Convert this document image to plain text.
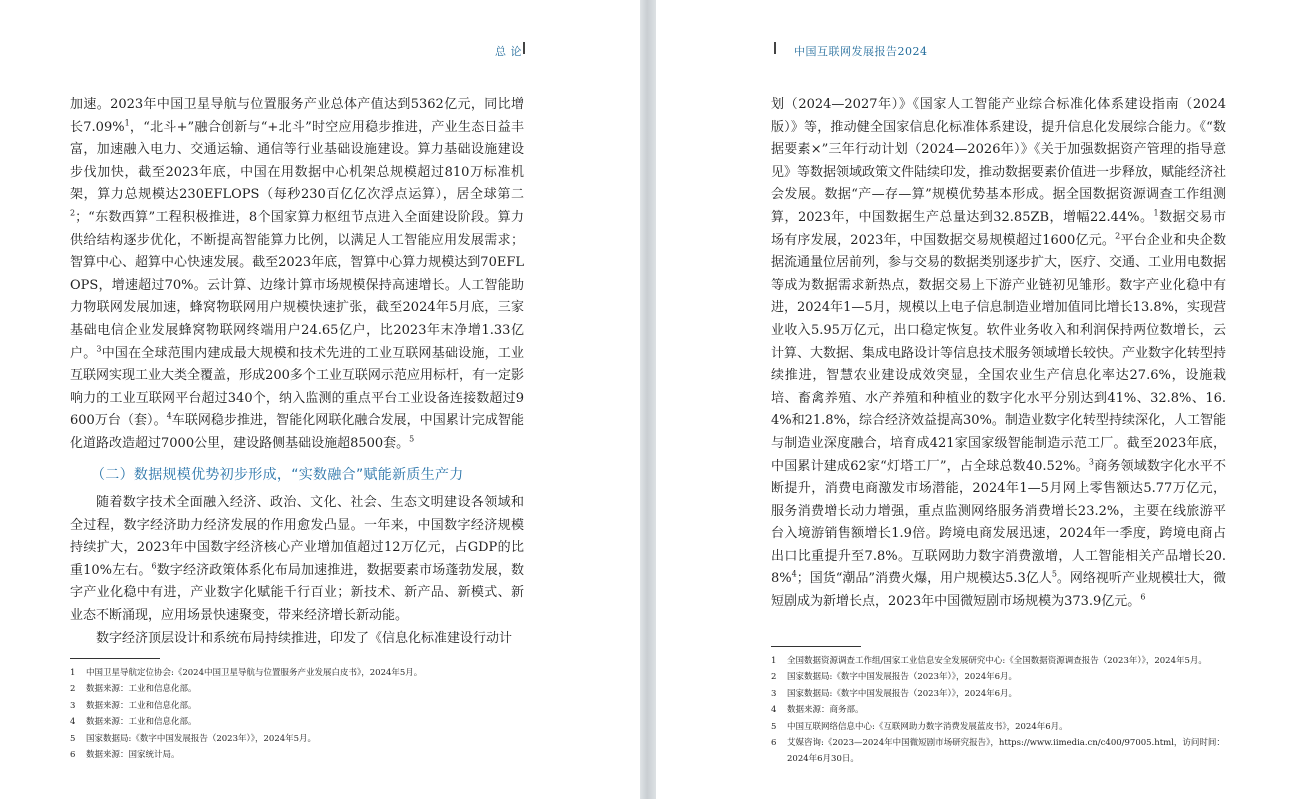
总 论

加速。2023年中国卫星导航与位置服务产业总体产值达到5362亿元，同比增长7.09%$^1$，“北斗+”融合创新与“+北斗”时空应用稳步推进，产业生态日益丰富，加速融入电力、交通运输、通信等行业基础设施建设。算力基础设施建设步伐加快，截至2023年底，中国在用数据中心机架总规模超过810万标准机架，算力总规模达230EFLOPS（每秒230百亿亿次浮点运算），居全球第二$^2$；“东数西算”工程积极推进，8个国家算力枢纽节点进入全面建设阶段。算力供给结构逐步优化，不断提高智能算力比例，以满足人工智能应用发展需求；智算中心、超算中心快速发展。截至2023年底，智算中心算力规模达到70EFLOPS，增速超过70%。云计算、边缘计算市场规模保持高速增长。人工智能助力物联网发展加速，蜂窝物联网用户规模快速扩张，截至2024年5月底，三家基础电信企业发展蜂窝物联网终端用户24.65亿户，比2023年末净增1.33亿户。$^3$中国在全球范围内建成最大规模和技术先进的工业互联网基础设施，工业互联网实现工业大类全覆盖，形成200多个工业互联网示范应用标杆，有一定影响力的工业互联网平台超过340个，纳入监测的重点平台工业设备连接数超过9600万台（套）。$^4$车联网稳步推进，智能化网联化融合发展，中国累计完成智能化道路改造超过7000公里，建设路侧基础设施超8500套。$^5$

（二）数据规模优势初步形成，“实数融合”赋能新质生产力

随着数字技术全面融入经济、政治、文化、社会、生态文明建设各领域和全过程，数字经济助力经济发展的作用愈发凸显。一年来，中国数字经济规模持续扩大，2023年中国数字经济核心产业增加值超过12万亿元，占GDP的比重10%左右。$^6$数字经济政策体系化布局加速推进，数据要素市场蓬勃发展，数字产业化稳中有进，产业数字化赋能千行百业；新技术、新产品、新模式、新业态不断涌现，应用场景快速聚变，带来经济增长新动能。

数字经济顶层设计和系统布局持续推进，印发了《信息化标准建设行动计

1	中国卫星导航定位协会:《2024中国卫星导航与位置服务产业发展白皮书》，2024年5月。
2	数据来源：工业和信息化部。
3	数据来源：工业和信息化部。
4	数据来源：工业和信息化部。
5	国家数据局:《数字中国发展报告（2023年）》，2024年5月。
6	数据来源：国家统计局。
中国互联网发展报告2024

划（2024—2027年）》《国家人工智能产业综合标准化体系建设指南（2024版）》等，推动健全国家信息化标准体系建设，提升信息化发展综合能力。《“数据要素×”三年行动计划（2024—2026年）》《关于加强数据资产管理的指导意见》等数据领域政策文件陆续印发，推动数据要素价值进一步释放，赋能经济社会发展。数据“产—存—算”规模优势基本形成。据全国数据资源调查工作组测算，2023年，中国数据生产总量达到32.85ZB，增幅22.44%。$^1$数据交易市场有序发展，2023年，中国数据交易规模超过1600亿元。$^2$平台企业和央企数据流通量位居前列，参与交易的数据类别逐步扩大，医疗、交通、工业用电数据等成为数据需求新热点，数据交易上下游产业链初见雏形。数字产业化稳中有进，2024年1—5月，规模以上电子信息制造业增加值同比增长13.8%，实现营业收入5.95万亿元，出口稳定恢复。软件业务收入和利润保持两位数增长，云计算、大数据、集成电路设计等信息技术服务领域增长较快。产业数字化转型持续推进，智慧农业建设成效突显，全国农业生产信息化率达27.6%，设施栽培、畜禽养殖、水产养殖和种植业的数字化水平分别达到41%、32.8%、16.4%和21.8%，综合经济效益提高30%。制造业数字化转型持续深化，人工智能与制造业深度融合，培育成421家国家级智能制造示范工厂。截至2023年底，中国累计建成62家“灯塔工厂”，占全球总数40.52%。$^3$商务领域数字化水平不断提升，消费电商激发市场潜能，2024年1—5月网上零售额达5.77万亿元，服务消费增长动力增强，重点监测网络服务消费增长23.2%，主要在线旅游平台入境游销售额增长1.9倍。跨境电商发展迅速，2024年一季度，跨境电商占出口比重提升至7.8%。互联网助力数字消费激增，人工智能相关产品增长20.8%$^4$；国货“潮品”消费火爆，用户规模达5.3亿人$^5$。网络视听产业规模壮大，微短剧成为新增长点，2023年中国微短剧市场规模为373.9亿元。$^6$

1	全国数据资源调查工作组/国家工业信息安全发展研究中心:《全国数据资源调查报告（2023年）》，2024年5月。
2	国家数据局:《数字中国发展报告（2023年）》，2024年6月。
3	国家数据局:《数字中国发展报告（2023年）》，2024年6月。
4	数据来源：商务部。
5	中国互联网络信息中心:《互联网助力数字消费发展蓝皮书》，2024年6月。
6	艾媒咨询:《2023—2024年中国微短剧市场研究报告》，https://www.iimedia.cn/c400/97005.html，访问时间：2024年6月30日。
